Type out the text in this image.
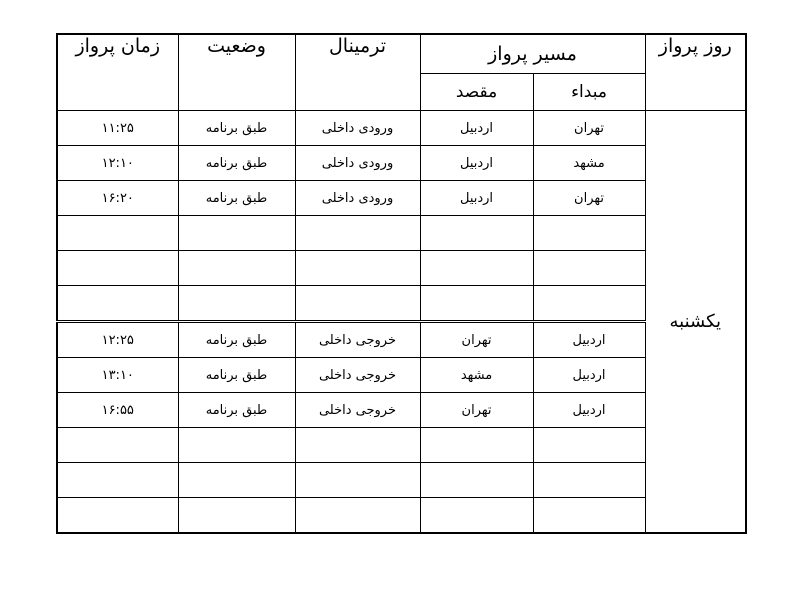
روز پرواز	مسیر پرواز		ترمینال	وضعیت	زمان پرواز
	مبداء	مقصد			
یکشنبه	تهران	اردبیل	ورودی داخلی	طبق برنامه	۱۱:۲۵
	مشهد	اردبیل	ورودی داخلی	طبق برنامه	۱۲:۱۰
	تهران	اردبیل	ورودی داخلی	طبق برنامه	۱۶:۲۰

	اردبیل	تهران	خروجی داخلی	طبق برنامه	۱۲:۲۵
	اردبیل	مشهد	خروجی داخلی	طبق برنامه	۱۳:۱۰
	اردبیل	تهران	خروجی داخلی	طبق برنامه	۱۶:۵۵
